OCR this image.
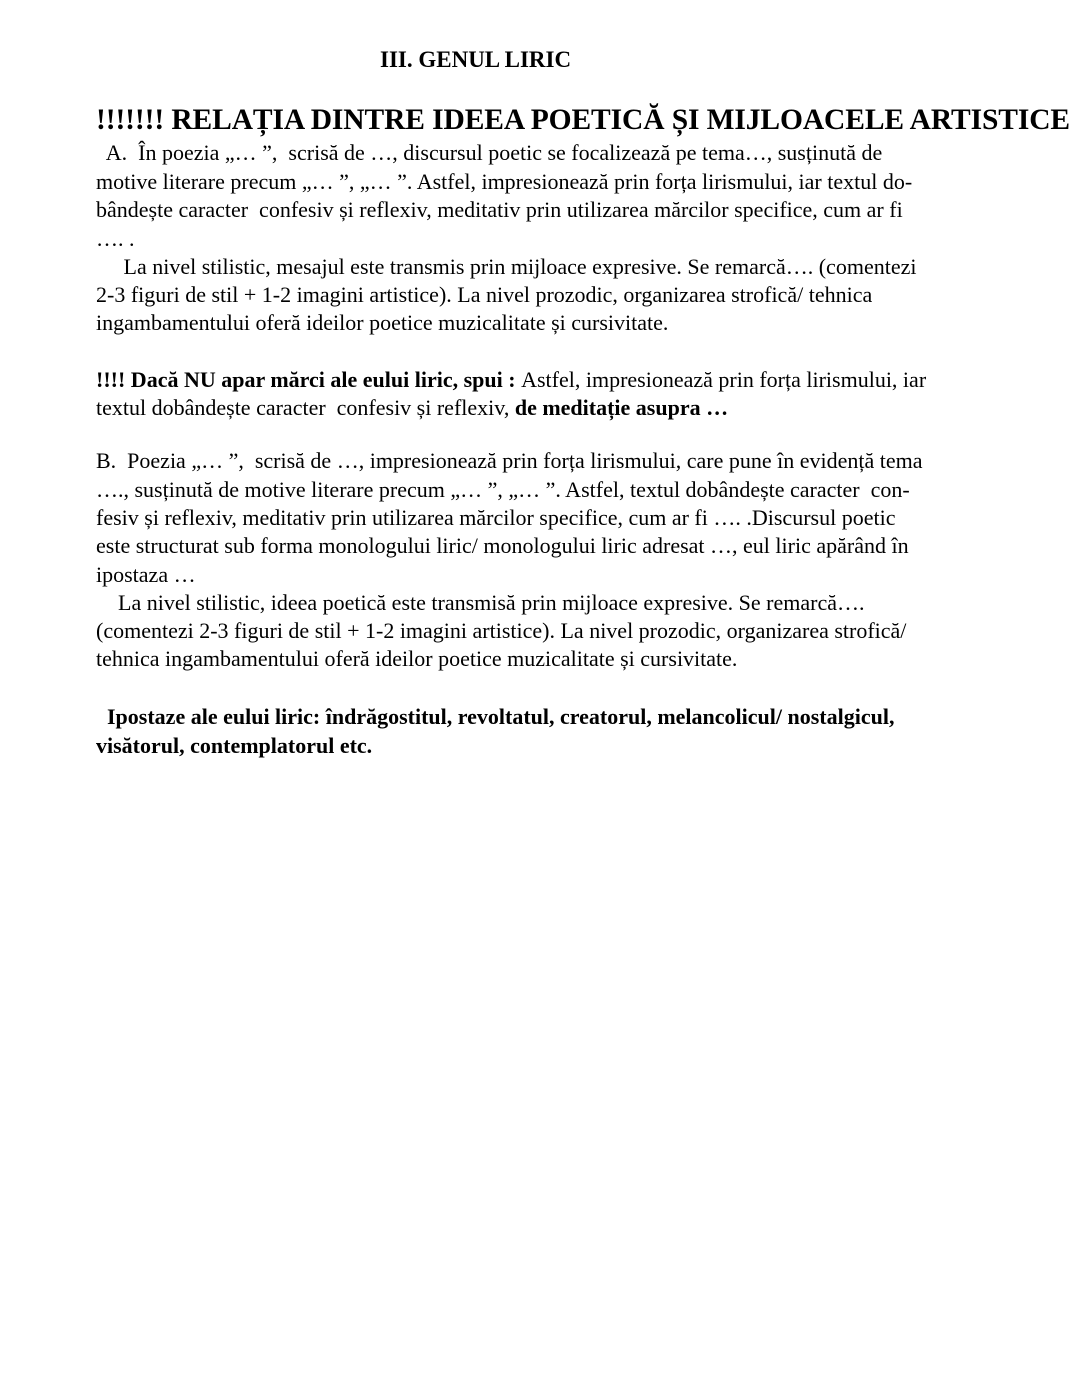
III. GENUL LIRIC
!!!!!!! RELAȚIA DINTRE IDEEA POETICĂ ȘI MIJLOACELE ARTISTICE
A.  În poezia „… ”,  scrisă de …, discursul poetic se focalizează pe tema…, susținută de
motive literare precum „… ”, „… ”. Astfel, impresionează prin forța lirismului, iar textul do-
bândește caracter  confesiv și reflexiv, meditativ prin utilizarea mărcilor specifice, cum ar fi
…. .
La nivel stilistic, mesajul este transmis prin mijloace expresive. Se remarcă…. (comentezi
2-3 figuri de stil + 1-2 imagini artistice). La nivel prozodic, organizarea strofică/ tehnica
ingambamentului oferă ideilor poetice muzicalitate și cursivitate.
!!!! Dacă NU apar mărci ale eului liric, spui : Astfel, impresionează prin forța lirismului, iar
textul dobândește caracter  confesiv și reflexiv, de meditație asupra …
B.  Poezia „… ”,  scrisă de …, impresionează prin forța lirismului, care pune în evidență tema
…., susținută de motive literare precum „… ”, „… ”. Astfel, textul dobândește caracter  con-
fesiv și reflexiv, meditativ prin utilizarea mărcilor specifice, cum ar fi …. .Discursul poetic
este structurat sub forma monologului liric/ monologului liric adresat …, eul liric apărând în
ipostaza …
La nivel stilistic, ideea poetică este transmisă prin mijloace expresive. Se remarcă….
(comentezi 2-3 figuri de stil + 1-2 imagini artistice). La nivel prozodic, organizarea strofică/
tehnica ingambamentului oferă ideilor poetice muzicalitate și cursivitate.
Ipostaze ale eului liric: îndrăgostitul, revoltatul, creatorul, melancolicul/ nostalgicul,
visătorul, contemplatorul etc.
